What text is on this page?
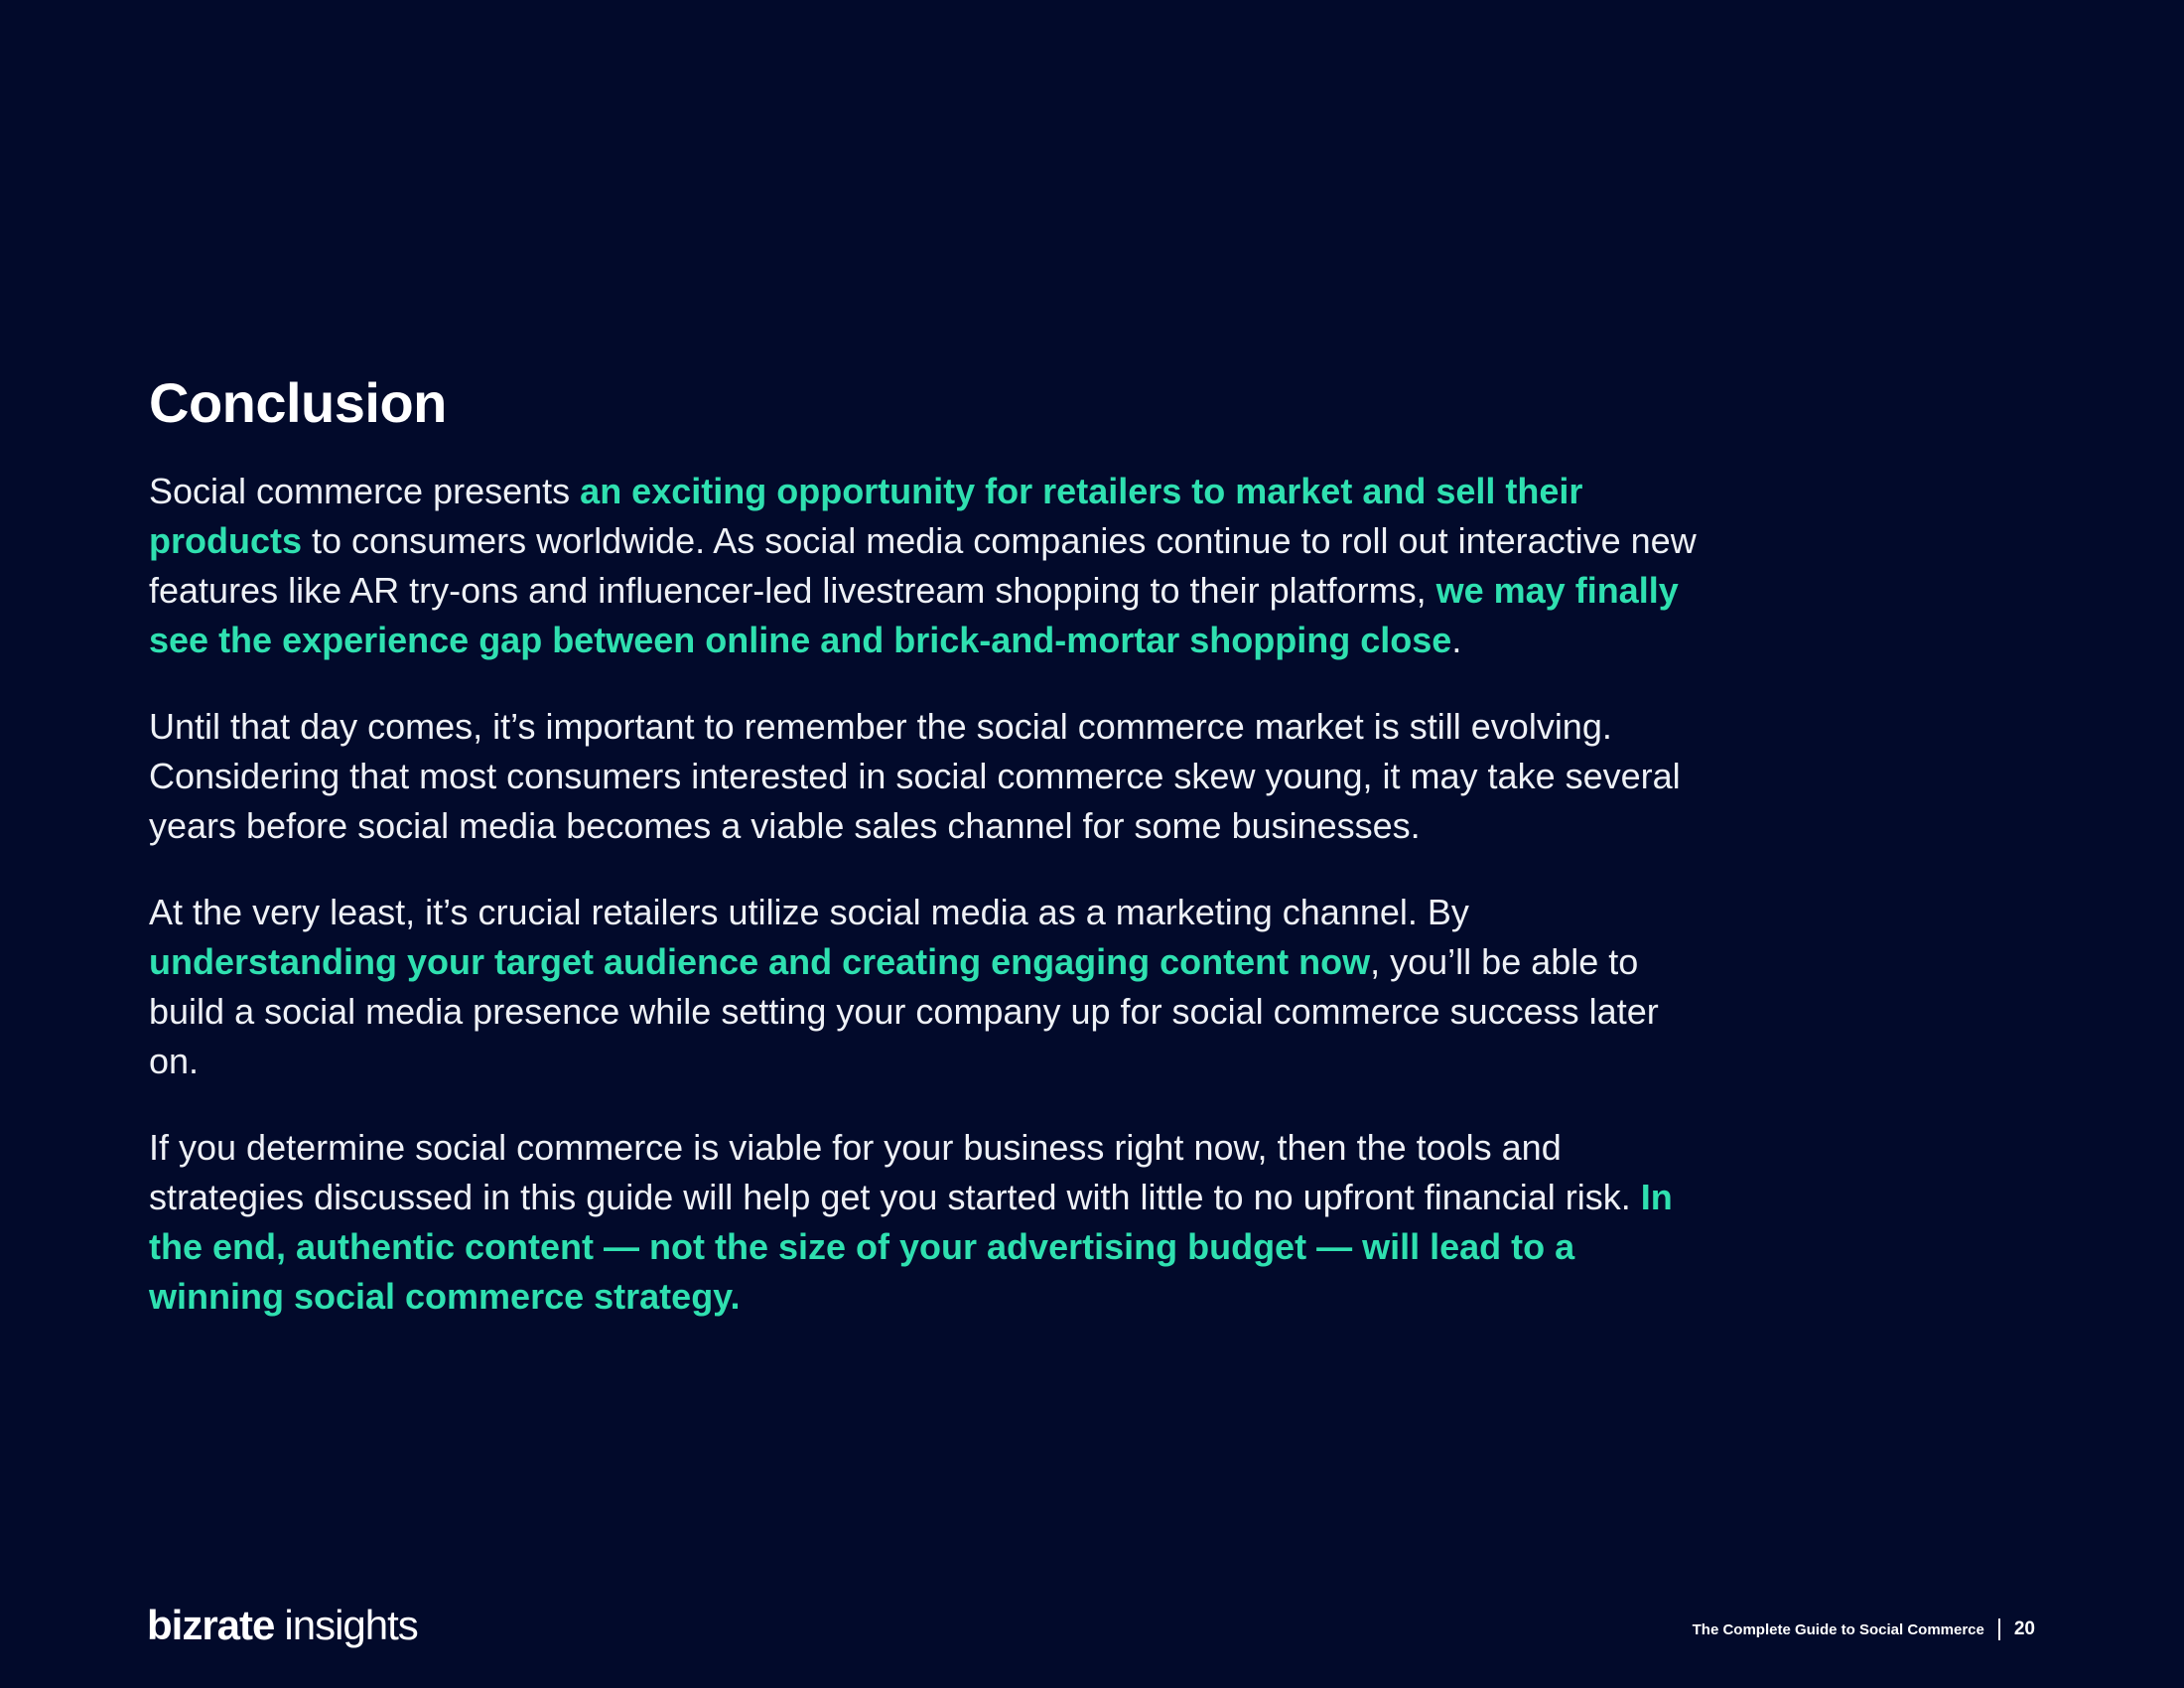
Conclusion

Social commerce presents an exciting opportunity for retailers to market and sell their products to consumers worldwide. As social media companies continue to roll out interactive new features like AR try-ons and influencer-led livestream shopping to their platforms, we may finally see the experience gap between online and brick-and-mortar shopping close.

Until that day comes, it’s important to remember the social commerce market is still evolving. Considering that most consumers interested in social commerce skew young, it may take several years before social media becomes a viable sales channel for some businesses.

At the very least, it’s crucial retailers utilize social media as a marketing channel. By understanding your target audience and creating engaging content now, you’ll be able to build a social media presence while setting your company up for social commerce success later on.

If you determine social commerce is viable for your business right now, then the tools and strategies discussed in this guide will help get you started with little to no upfront financial risk. In the end, authentic content — not the size of your advertising budget — will lead to a winning social commerce strategy.

bizrate insights	The Complete Guide to Social Commerce 20
